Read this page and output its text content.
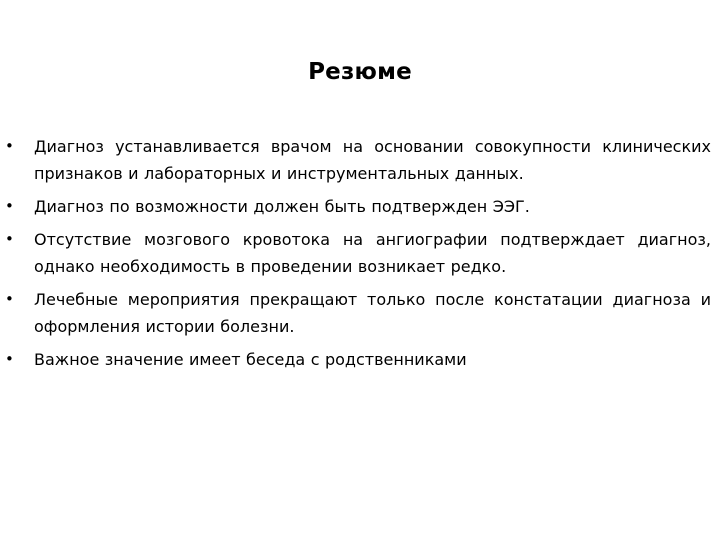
Резюме
•	Диагноз устанавливается врачом на основании совокупности клинических признаков и лабораторных и инструментальных данных.
•	Диагноз по возможности должен быть подтвержден ЭЭГ.
•	Отсутствие мозгового кровотока на ангиографии подтверждает диагноз, однако необходимость в проведении возникает редко.
•	Лечебные мероприятия прекращают только после констатации диагноза и оформления истории болезни.
•	Важное значение имеет беседа с родственниками
